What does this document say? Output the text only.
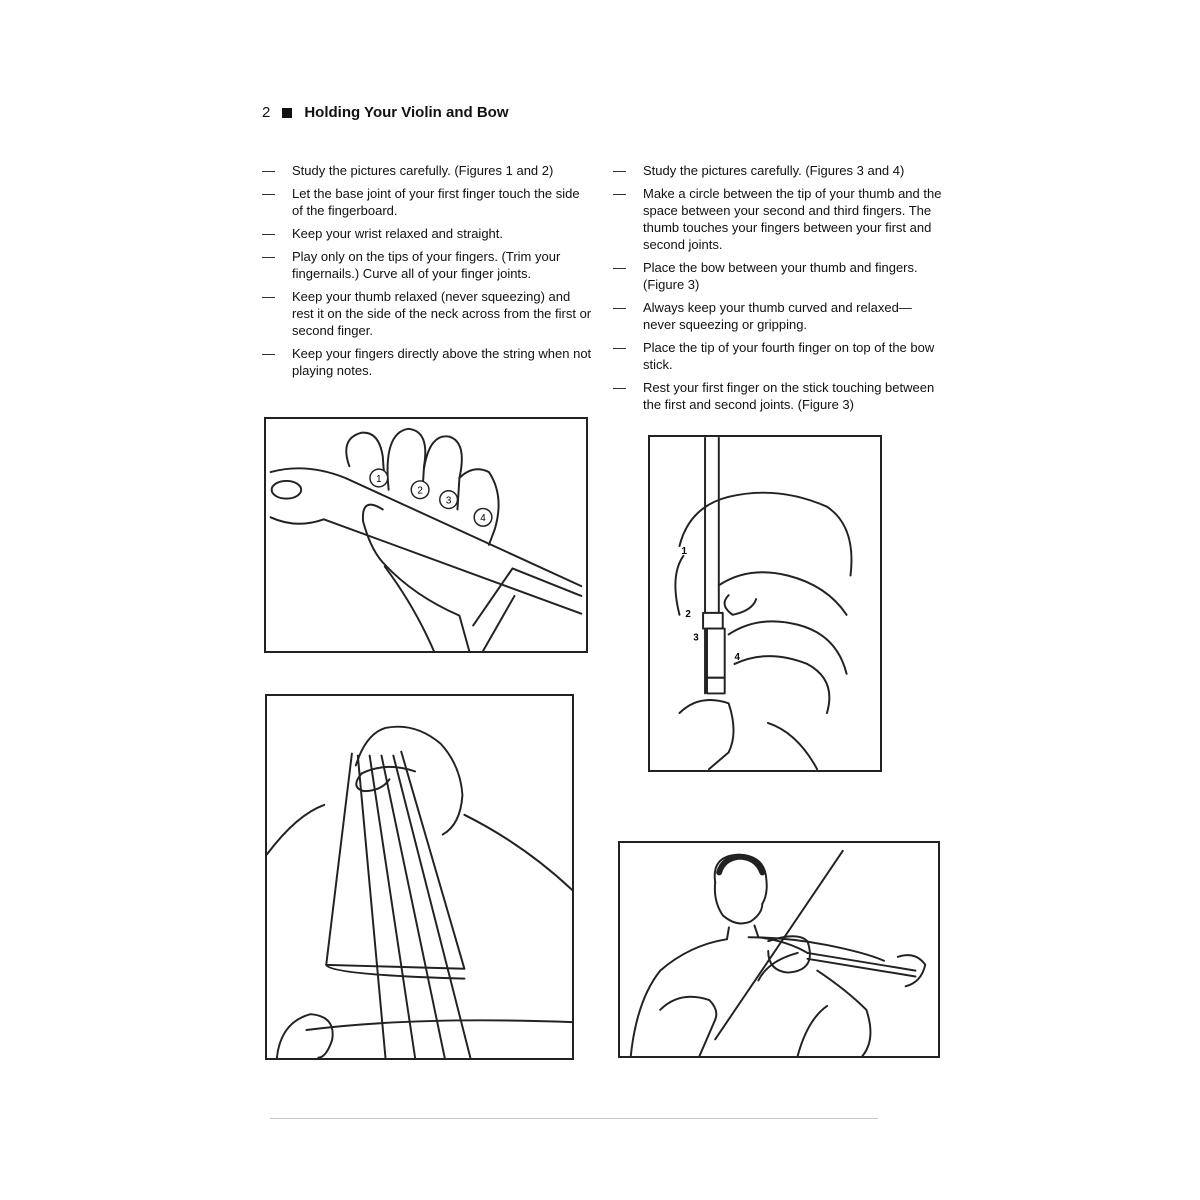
2 Holding Your Violin and Bow
—	Study the pictures carefully. (Figures 1 and 2)
—	Let the base joint of your first finger touch the side of the fingerboard.
—	Keep your wrist relaxed and straight.
—	Play only on the tips of your fingers. (Trim your fingernails.) Curve all of your finger joints.
—	Keep your thumb relaxed (never squeezing) and rest it on the side of the neck across from the first or second finger.
—	Keep your fingers directly above the string when not playing notes.
—	Study the pictures carefully. (Figures 3 and 4)
—	Make a circle between the tip of your thumb and the space between your second and third fingers. The thumb touches your fingers between your first and second joints.
—	Place the bow between your thumb and fingers. (Figure 3)
—	Always keep your thumb curved and relaxed—never squeezing or gripping.
—	Place the tip of your fourth finger on top of the bow stick.
—	Rest your first finger on the stick touching between the first and second joints. (Figure 3)
1
2
3
4
1
2
3
4
